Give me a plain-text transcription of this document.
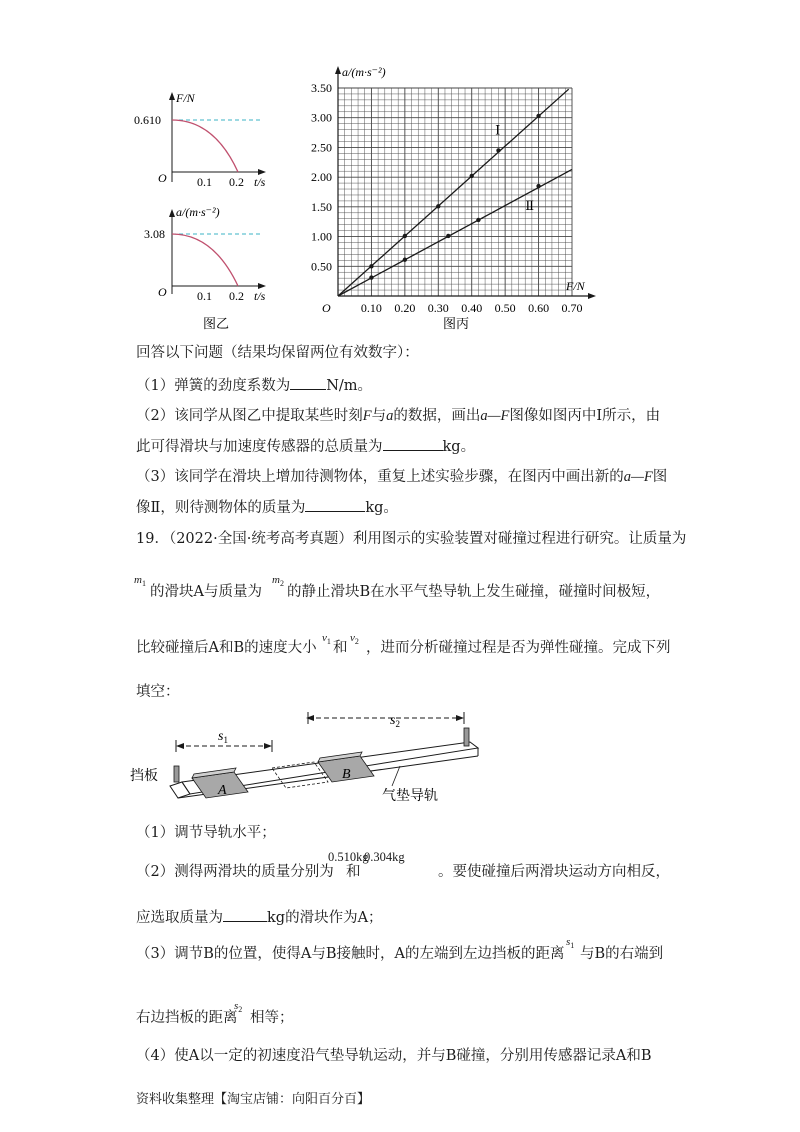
F/N
0.610
O	0.1 0.2 t/s
a/(m·s⁻²)
3.08
O	0.1 0.2 t/s
图乙
Ⅰ
Ⅱ
0.50
1.00
1.50
2.00
2.50
3.00
3.50
0.10 0.20 0.30 0.40 0.50 0.60 0.70
a/(m·s⁻²)
F/N
O
图丙
回答以下问题（结果均保留两位有效数字）：
（1）弹簧的劲度系数为 N/m。
（2）该同学从图乙中提取某些时刻F与a的数据，画出a—F图像如图丙中Ⅰ所示，由
此可得滑块与加速度传感器的总质量为	kg。
（3）该同学在滑块上增加待测物体，重复上述实验步骤，在图丙中画出新的a—F图
像Ⅱ，则待测物体的质量为	kg。
19．（2022·全国·统考高考真题）利用图示的实验装置对碰撞过程进行研究。让质量为
$m_1$
的滑块A与质量为
$m_2$
的静止滑块B在水平气垫导轨上发生碰撞，碰撞时间极短，
比较碰撞后A和B的速度大小
$v_1$ 和
$v_2$ ，进而分析碰撞过程是否为弹性碰撞。完成下列
填空：
$s_2$
$s_1$
A
B
挡板
气垫导轨
（1）调节导轨水平；
（2）测得两滑块的质量分别为
0.510kg
和
0.304kg
。要使碰撞后两滑块运动方向相反，
应选取质量为	kg的滑块作为A；
（3）调节B的位置，使得A与B接触时，A的左端到左边挡板的距离
$s_1$
与B的右端到
右边挡板的距离
$s_2$
相等；
（4）使A以一定的初速度沿气垫导轨运动，并与B碰撞，分别用传感器记录A和B
资料收集整理【淘宝店铺：向阳百分百】
